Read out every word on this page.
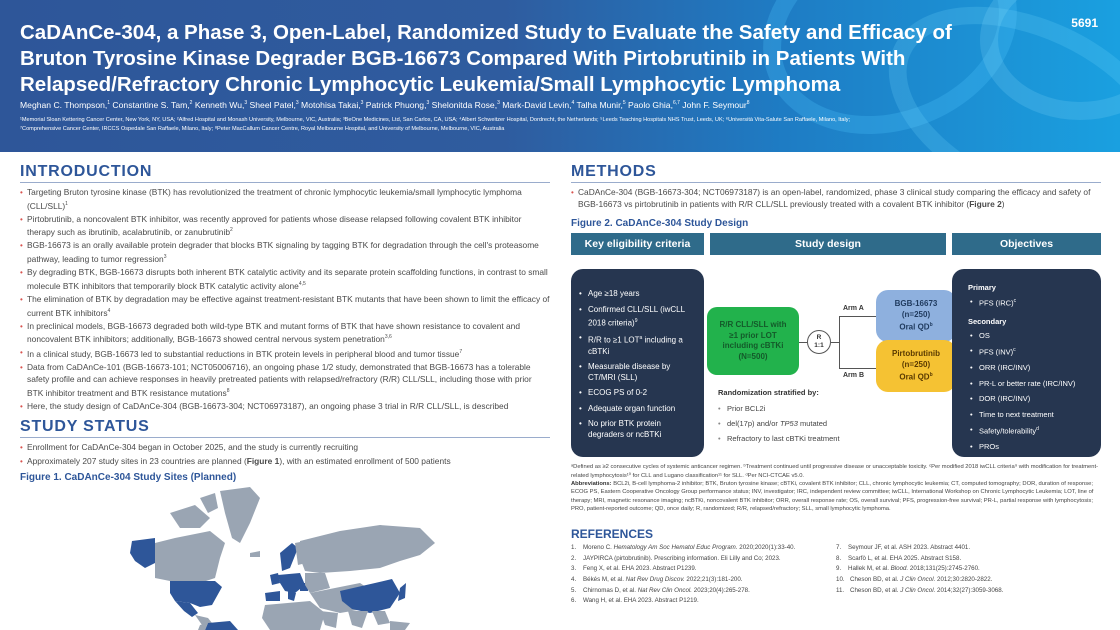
CaDAnCe-304, a Phase 3, Open-Label, Randomized Study to Evaluate the Safety and Efficacy of Bruton Tyrosine Kinase Degrader BGB-16673 Compared With Pirtobrutinib in Patients With Relapsed/Refractory Chronic Lymphocytic Leukemia/Small Lymphocytic Lymphoma
5691
Meghan C. Thompson,$^1$ Constantine S. Tam,$^2$ Kenneth Wu,$^3$ Sheel Patel,$^3$ Motohisa Takai,$^3$ Patrick Phuong,$^3$ Shelonitda Rose,$^3$ Mark-David Levin,$^4$ Talha Munir,$^5$ Paolo Ghia,$^{6,7}$ John F. Seymour$^8$
¹Memorial Sloan Kettering Cancer Center, New York, NY, USA; ²Alfred Hospital and Monash University, Melbourne, VIC, Australia; ³BeOne Medicines, Ltd, San Carlos, CA, USA; ⁴Albert Schweitzer Hospital, Dordrecht, the Netherlands; ⁵Leeds Teaching Hospitals NHS Trust, Leeds, UK; ⁶Università Vita-Salute San Raffaele, Milano, Italy;
⁷Comprehensive Cancer Center, IRCCS Ospedale San Raffaele, Milano, Italy; ⁸Peter MacCallum Cancer Centre, Royal Melbourne Hospital, and University of Melbourne, Melbourne, VIC, Australia
INTRODUCTION
• Targeting Bruton tyrosine kinase (BTK) has revolutionized the treatment of chronic lymphocytic leukemia/small lymphocytic lymphoma $(CLL/SLL)^1$
• Pirtobrutinib, a noncovalent BTK inhibitor, was recently approved for patients whose disease relapsed following covalent BTK inhibitor therapy such as ibrutinib, acalabrutinib, or zanubrutinib$^2$
• BGB-16673 is an orally available protein degrader that blocks BTK signaling by tagging BTK for degradation through the cell's proteasome pathway, leading to tumor regression$^3$
• By degrading BTK, BGB-16673 disrupts both inherent BTK catalytic activity and its separate protein scaffolding functions, in contrast to small molecule BTK inhibitors that temporarily block BTK catalytic activity alone$^{4,5}$
• The elimination of BTK by degradation may be effective against treatment-resistant BTK mutants that have been shown to limit the efficacy of current BTK inhibitors$^4$
• In preclinical models, BGB-16673 degraded both wild-type BTK and mutant forms of BTK that have shown resistance to covalent and noncovalent BTK inhibitors; additionally, BGB-16673 showed central nervous system penetration$^{3,6}$
• In a clinical study, BGB-16673 led to substantial reductions in BTK protein levels in peripheral blood and tumor tissue$^7$
• Data from CaDAnCe-101 (BGB-16673-101; NCT05006716), an ongoing phase 1/2 study, demonstrated that BGB-16673 has a tolerable safety profile and can achieve responses in heavily pretreated patients with relapsed/refractory (R/R) CLL/SLL, including those with prior BTK inhibitor treatment and BTK resistance mutations$^8$
• Here, the study design of CaDAnCe-304 (BGB-16673-304; NCT06973187), an ongoing phase 3 trial in R/R CLL/SLL, is described
STUDY STATUS
• Enrollment for CaDAnCe-304 began in October 2025, and the study is currently recruiting
• Approximately 207 study sites in 23 countries are planned (Figure 1), with an estimated enrollment of 500 patients
Figure 1. CaDAnCe-304 Study Sites (Planned)
METHODS
• CaDAnCe-304 (BGB-16673-304; NCT06973187) is an open-label, randomized, phase 3 clinical study comparing the efficacy and safety of BGB-16673 vs pirtobrutinib in patients with R/R CLL/SLL previously treated with a covalent BTK inhibitor (Figure 2)
Figure 2. CaDAnCe-304 Study Design
Key eligibility criteria	Study design	Objectives
• Age ≥18 years
• Confirmed CLL/SLL (iwCLL 2018 criteria)$^9$
• R/R to ≥1 LOT$^a$ including a cBTKi
• Measurable disease by CT/MRI (SLL)
• ECOG PS of 0-2
• Adequate organ function
• No prior BTK protein degraders or ncBTKi
R/R CLL/SLL with
≥1 prior LOT
including cBTKi
(N=500)
R
1:1
Arm A
Arm B
BGB-16673
(n=250)
Oral $QD^b$
Pirtobrutinib
(n=250)
Oral $QD^b$
Randomization stratified by:
• Prior BCL2i
• del(17p) and/or TP53 mutated
• Refractory to last cBTKi treatment
Primary
• PFS (IRC)$^c$
Secondary
• OS
• PFS (INV)$^c$
• ORR (IRC/INV)
• PR-L or better rate (IRC/INV)
• DOR (IRC/INV)
• Time to next treatment
• Safety/tolerability$^d$
• PROs
ᵃDefined as ≥2 consecutive cycles of systemic anticancer regimen. ᵇTreatment continued until progressive disease or unacceptable toxicity. ᶜPer modified 2018 iwCLL criteria⁹ with modification for treatment-related lymphocytosis¹⁰ for CLL and Lugano classification¹¹ for SLL. ᵈPer NCI-CTCAE v5.0.
Abbreviations: BCL2i, B-cell lymphoma-2 inhibitor; BTK, Bruton tyrosine kinase; cBTKi, covalent BTK inhibitor; CLL, chronic lymphocytic leukemia; CT, computed tomography; DOR, duration of response; ECOG PS, Eastern Cooperative Oncology Group performance status; INV, investigator; IRC, independent review committee; iwCLL, International Workshop on Chronic Lymphocytic Leukemia; LOT, line of therapy; MRI, magnetic resonance imaging; ncBTKi, noncovalent BTK inhibitor; ORR, overall response rate; OS, overall survival; PFS, progression-free survival; PR-L, partial response with lymphocytosis; PRO, patient-reported outcome; QD, once daily; R, randomized; R/R, relapsed/refractory; SLL, small lymphocytic lymphoma.
REFERENCES
1. Moreno C. Hematology Am Soc Hematol Educ Program. 2020;2020(1):33-40.
2. JAYPIRCA (pirtobrutinib). Prescribing information. Eli Lilly and Co; 2023.
3. Feng X, et al. EHA 2023. Abstract P1239.
4. Békés M, et al. Nat Rev Drug Discov. 2022;21(3):181-200.
5. Chirnomas D, et al. Nat Rev Clin Oncol. 2023;20(4):265-278.
6. Wang H, et al. EHA 2023. Abstract P1219.
7. Seymour JF, et al. ASH 2023. Abstract 4401.
8. Scarfò L, et al. EHA 2025. Abstract S158.
9. Hallek M, et al. Blood. 2018;131(25):2745-2760.
10. Cheson BD, et al. J Clin Oncol. 2012;30:2820-2822.
11. Cheson BD, et al. J Clin Oncol. 2014;32(27):3059-3068.
